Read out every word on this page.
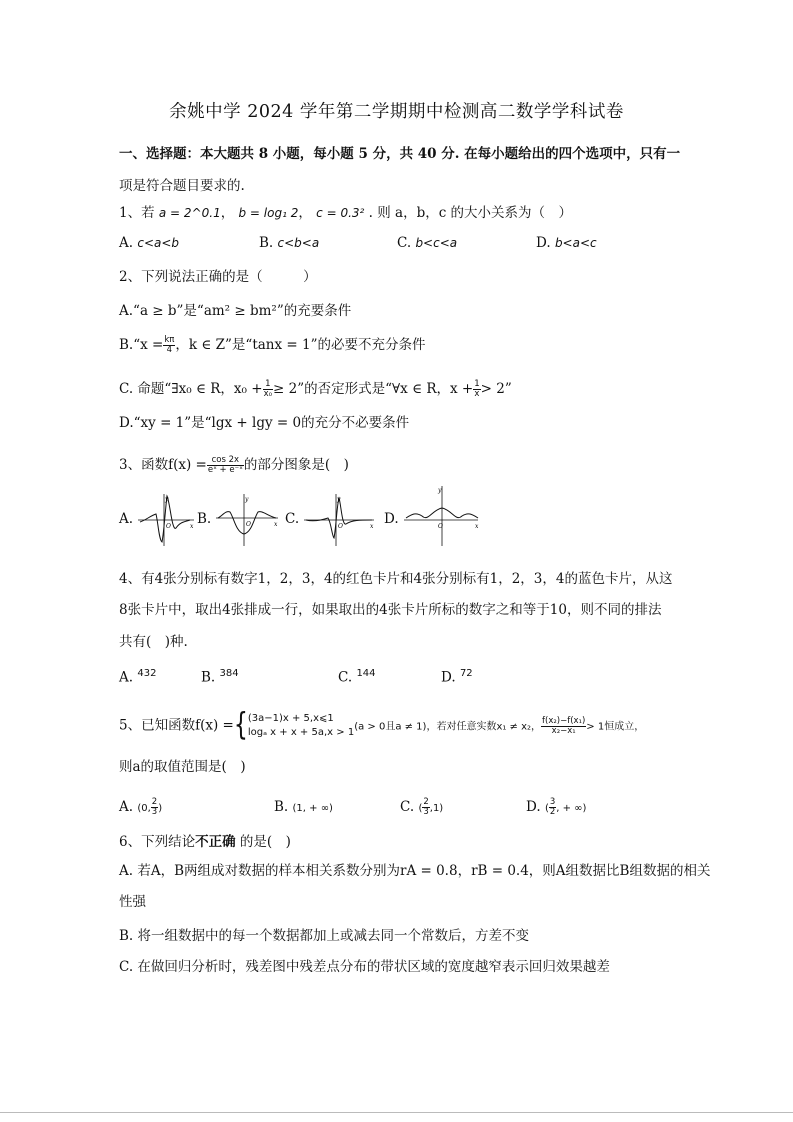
余姚中学 2024 学年第二学期期中检测高二数学学科试卷
一、选择题：本大题共 8 小题，每小题 5 分，共 40 分. 在每小题给出的四个选项中，只有一
项是符合题目要求的.
1、若 a = 2^0.1， b = log₁ 2， c = 0.3² . 则 a，b，c 的大小关系为（　）
A. c<a<b	B. c<b<a	C. b<c<a	D. b<a<c
2、下列说法正确的是（　　　）
A.“a ≥ b”是“am² ≥ bm²”的充要条件
B.“x = $\frac{k\pi}{4}$ ，k ∈ Z”是“tanx = 1”的必要不充分条件
C. 命题“∃x₀ ∈ R，$x_0 + \frac{1}{\text{x₀}} \ge 2$”的否定形式是“∀x ∈ R，$x + \frac{1}{x} > 2$”
D.“xy = 1”是“lgx + lgy = 0的充分不必要条件
3、函数$f(x) = \frac{\cos 2x}{\text{eˣ + e⁻ˣ}}$ 的部分图象是(　)
A.
y
x
O B.
y
x
O	C.
y
x
O	D.
y
x
O
4、有4张分别标有数字1，2，3，4的红色卡片和4张分别标有1，2，3，4的蓝色卡片，从这
8张卡片中，取出4张排成一行，如果取出的4张卡片所标的数字之和等于10，则不同的排法
共有(　)种.
A. $^{432}$	B. $^{384}$	C. $^{144}$	D. $^{72}$
5、已知函数f(x) ={ (3a−1)x + 5,x⩽1
logₐ x + x + 5a,x > 1 (a > 0且a ≠ 1)，若对任意实数x₁ ≠ x₂， $\frac{\text{f(x₂)−f(x₁)}}{\text{x₂−x₁}} > 1$恒成立，
则a的取值范围是(　)
A. (0, $\frac{2}{3}$ )	B. (1, + ∞)	C. ( $\frac{2}{3} ,1$)	D. ( $\frac{3}{2}$ , + ∞)
6、下列结论不正确 的是(　)
A. 若A，B两组成对数据的样本相关系数分别为rA = 0.8，rB = 0.4，则A组数据比B组数据的相关
性强
B. 将一组数据中的每一个数据都加上或减去同一个常数后，方差不变
C. 在做回归分析时，残差图中残差点分布的带状区域的宽度越窄表示回归效果越差
